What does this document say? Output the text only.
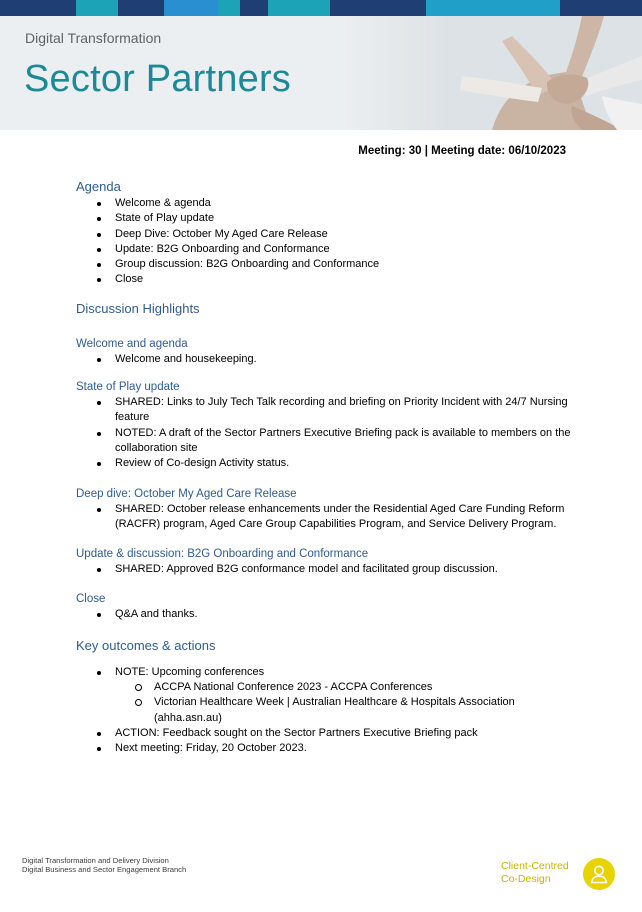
Digital Transformation
Sector Partners
Meeting: 30 | Meeting date: 06/10/2023
Agenda
Welcome & agenda
State of Play update
Deep Dive: October My Aged Care Release
Update: B2G Onboarding and Conformance
Group discussion: B2G Onboarding and Conformance
Close
Discussion Highlights
Welcome and agenda
Welcome and housekeeping.
State of Play update
SHARED: Links to July Tech Talk recording and briefing on Priority Incident with 24/7 Nursing feature
NOTED: A draft of the Sector Partners Executive Briefing pack is available to members on the collaboration site
Review of Co-design Activity status.
Deep dive: October My Aged Care Release
SHARED: October release enhancements under the Residential Aged Care Funding Reform (RACFR) program, Aged Care Group Capabilities Program, and Service Delivery Program.
Update & discussion: B2G Onboarding and Conformance
SHARED: Approved B2G conformance model and facilitated group discussion.
Close
Q&A and thanks.
Key outcomes & actions
NOTE: Upcoming conferences
ACCPA National Conference 2023 - ACCPA Conferences
Victorian Healthcare Week | Australian Healthcare & Hospitals Association (ahha.asn.au)
ACTION: Feedback sought on the Sector Partners Executive Briefing pack
Next meeting: Friday, 20 October 2023.
Digital Transformation and Delivery Division
Digital Business and Sector Engagement Branch	Client-Centred
Co-Design
